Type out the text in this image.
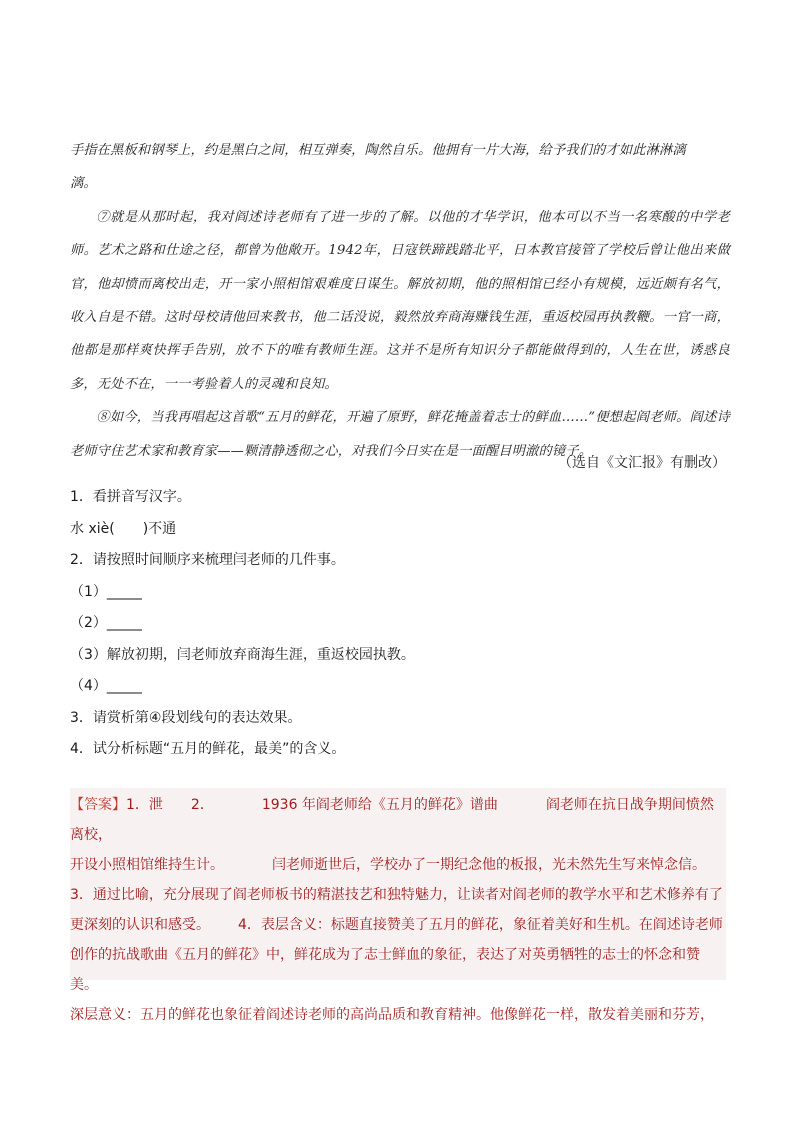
手指在黑板和钢琴上，约是黑白之间，相互弹奏，陶然自乐。他拥有一片大海，给予我们的才如此淋淋漓
漓。

⑦就是从那时起，我对阎述诗老师有了进一步的了解。以他的才华学识，他本可以不当一名寒酸的中学老师。艺术之路和仕途之径，都曾为他敞开。1942年，日寇铁蹄践踏北平，日本教官接管了学校后曾让他出来做官，他却愤而离校出走，开一家小照相馆艰难度日谋生。解放初期，他的照相馆已经小有规模，远近颇有名气，收入自是不错。这时母校请他回来教书，他二话没说，毅然放弃商海赚钱生涯，重返校园再执教鞭。一官一商，他都是那样爽快挥手告别，放不下的唯有教师生涯。这并不是所有知识分子都能做得到的，人生在世，诱惑良多，无处不在，一一考验着人的灵魂和良知。

⑧如今，当我再唱起这首歌“五月的鲜花，开遍了原野，鲜花掩盖着志士的鲜血……”便想起阎老师。阎述诗老师守住艺术家和教育家——颗清静透彻之心，对我们今日实在是一面醒目明澈的镜子。

（选自《文汇报》有删改）
1．看拼音写汉字。
水 xiè(　　)不通
2．请按照时间顺序来梳理闫老师的几件事。
（1）_____
（2）_____
（3）解放初期，闫老师放弃商海生涯，重返校园执教。
（4）_____
3．请赏析第④段划线句的表达效果。
4．试分析标题“五月的鲜花，最美”的含义。

【答案】1．泄 2．	1936 年阎老师给《五月的鲜花》谱曲	阎老师在抗日战争期间愤然离校，

开设小照相馆维持生计。	闫老师逝世后，学校办了一期纪念他的板报，光未然先生写来悼念信。

3．通过比喻，充分展现了阎老师板书的精湛技艺和独特魅力，让读者对阎老师的教学水平和艺术修养有了更深刻的认识和感受。	4．表层含义：标题直接赞美了五月的鲜花，象征着美好和生机。在阎述诗老师

创作的抗战歌曲《五月的鲜花》中，鲜花成为了志士鲜血的象征，表达了对英勇牺牲的志士的怀念和赞美。

深层意义：五月的鲜花也象征着阎述诗老师的高尚品质和教育精神。他像鲜花一样，散发着美丽和芬芳，
